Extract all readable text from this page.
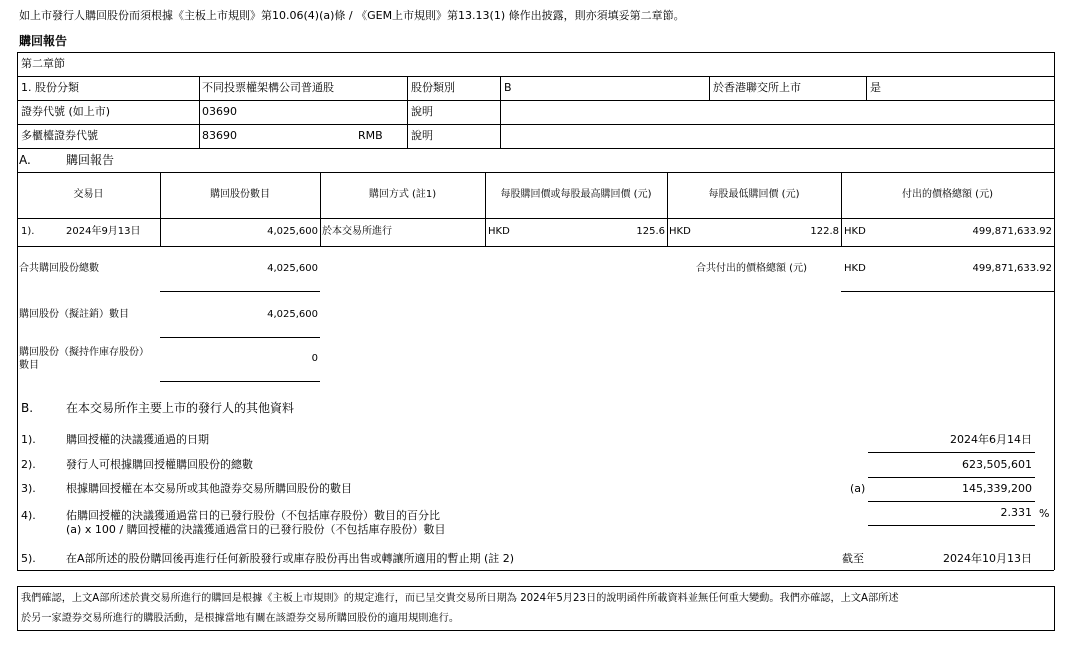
如上市發行人購回股份而須根據《主板上市規則》第10.06(4)(a)條 / 《GEM上市規則》第13.13(1) 條作出披露，則亦須填妥第二章節。
購回報告
第二章節
1. 股份分類	不同投票權架構公司普通股	股份類別	B	於香港聯交所上市	是
證券代號 (如上市)	03690	說明
多櫃檯證券代號	83690	RMB	說明
A.	購回報告
交易日	購回股份數目	購回方式 (註1)	每股購回價或每股最高購回價 (元)	每股最低購回價 (元)	付出的價格總額 (元)
1).	2024年9月13日	4,025,600 於本交易所進行	HKD	125.6 HKD	122.8 HKD	499,871,633.92
合共購回股份總數	4,025,600	合共付出的價格總額 (元)	HKD	499,871,633.92
購回股份（擬註銷）數目	4,025,600
購回股份（擬持作庫存股份）
數目
0
B.	在本交易所作主要上市的發行人的其他資料
1).	購回授權的決議獲通過的日期	2024年6月14日
2).	發行人可根據購回授權購回股份的總數	623,505,601
3).	根據購回授權在本交易所或其他證券交易所購回股份的數目	(a)	145,339,200
4).	佑購回授權的決議獲通過當日的已發行股份（不包括庫存股份）數目的百分比
(a) x 100 / 購回授權的決議獲通過當日的已發行股份（不包括庫存股份）數目
2.331 %
5).	在A部所述的股份購回後再進行任何新股發行或庫存股份再出售或轉讓所適用的暫止期 (註 2)	截至	2024年10月13日
我們確認，上文A部所述於貴交易所進行的購回是根據《主板上市規則》的規定進行，而已呈交貴交易所日期為 2024年5月23日的說明函件所載資料並無任何重大變動。我們亦確認，上文A部所述
於另一家證券交易所進行的購股活動，是根據當地有關在該證券交易所購回股份的適用規則進行。
